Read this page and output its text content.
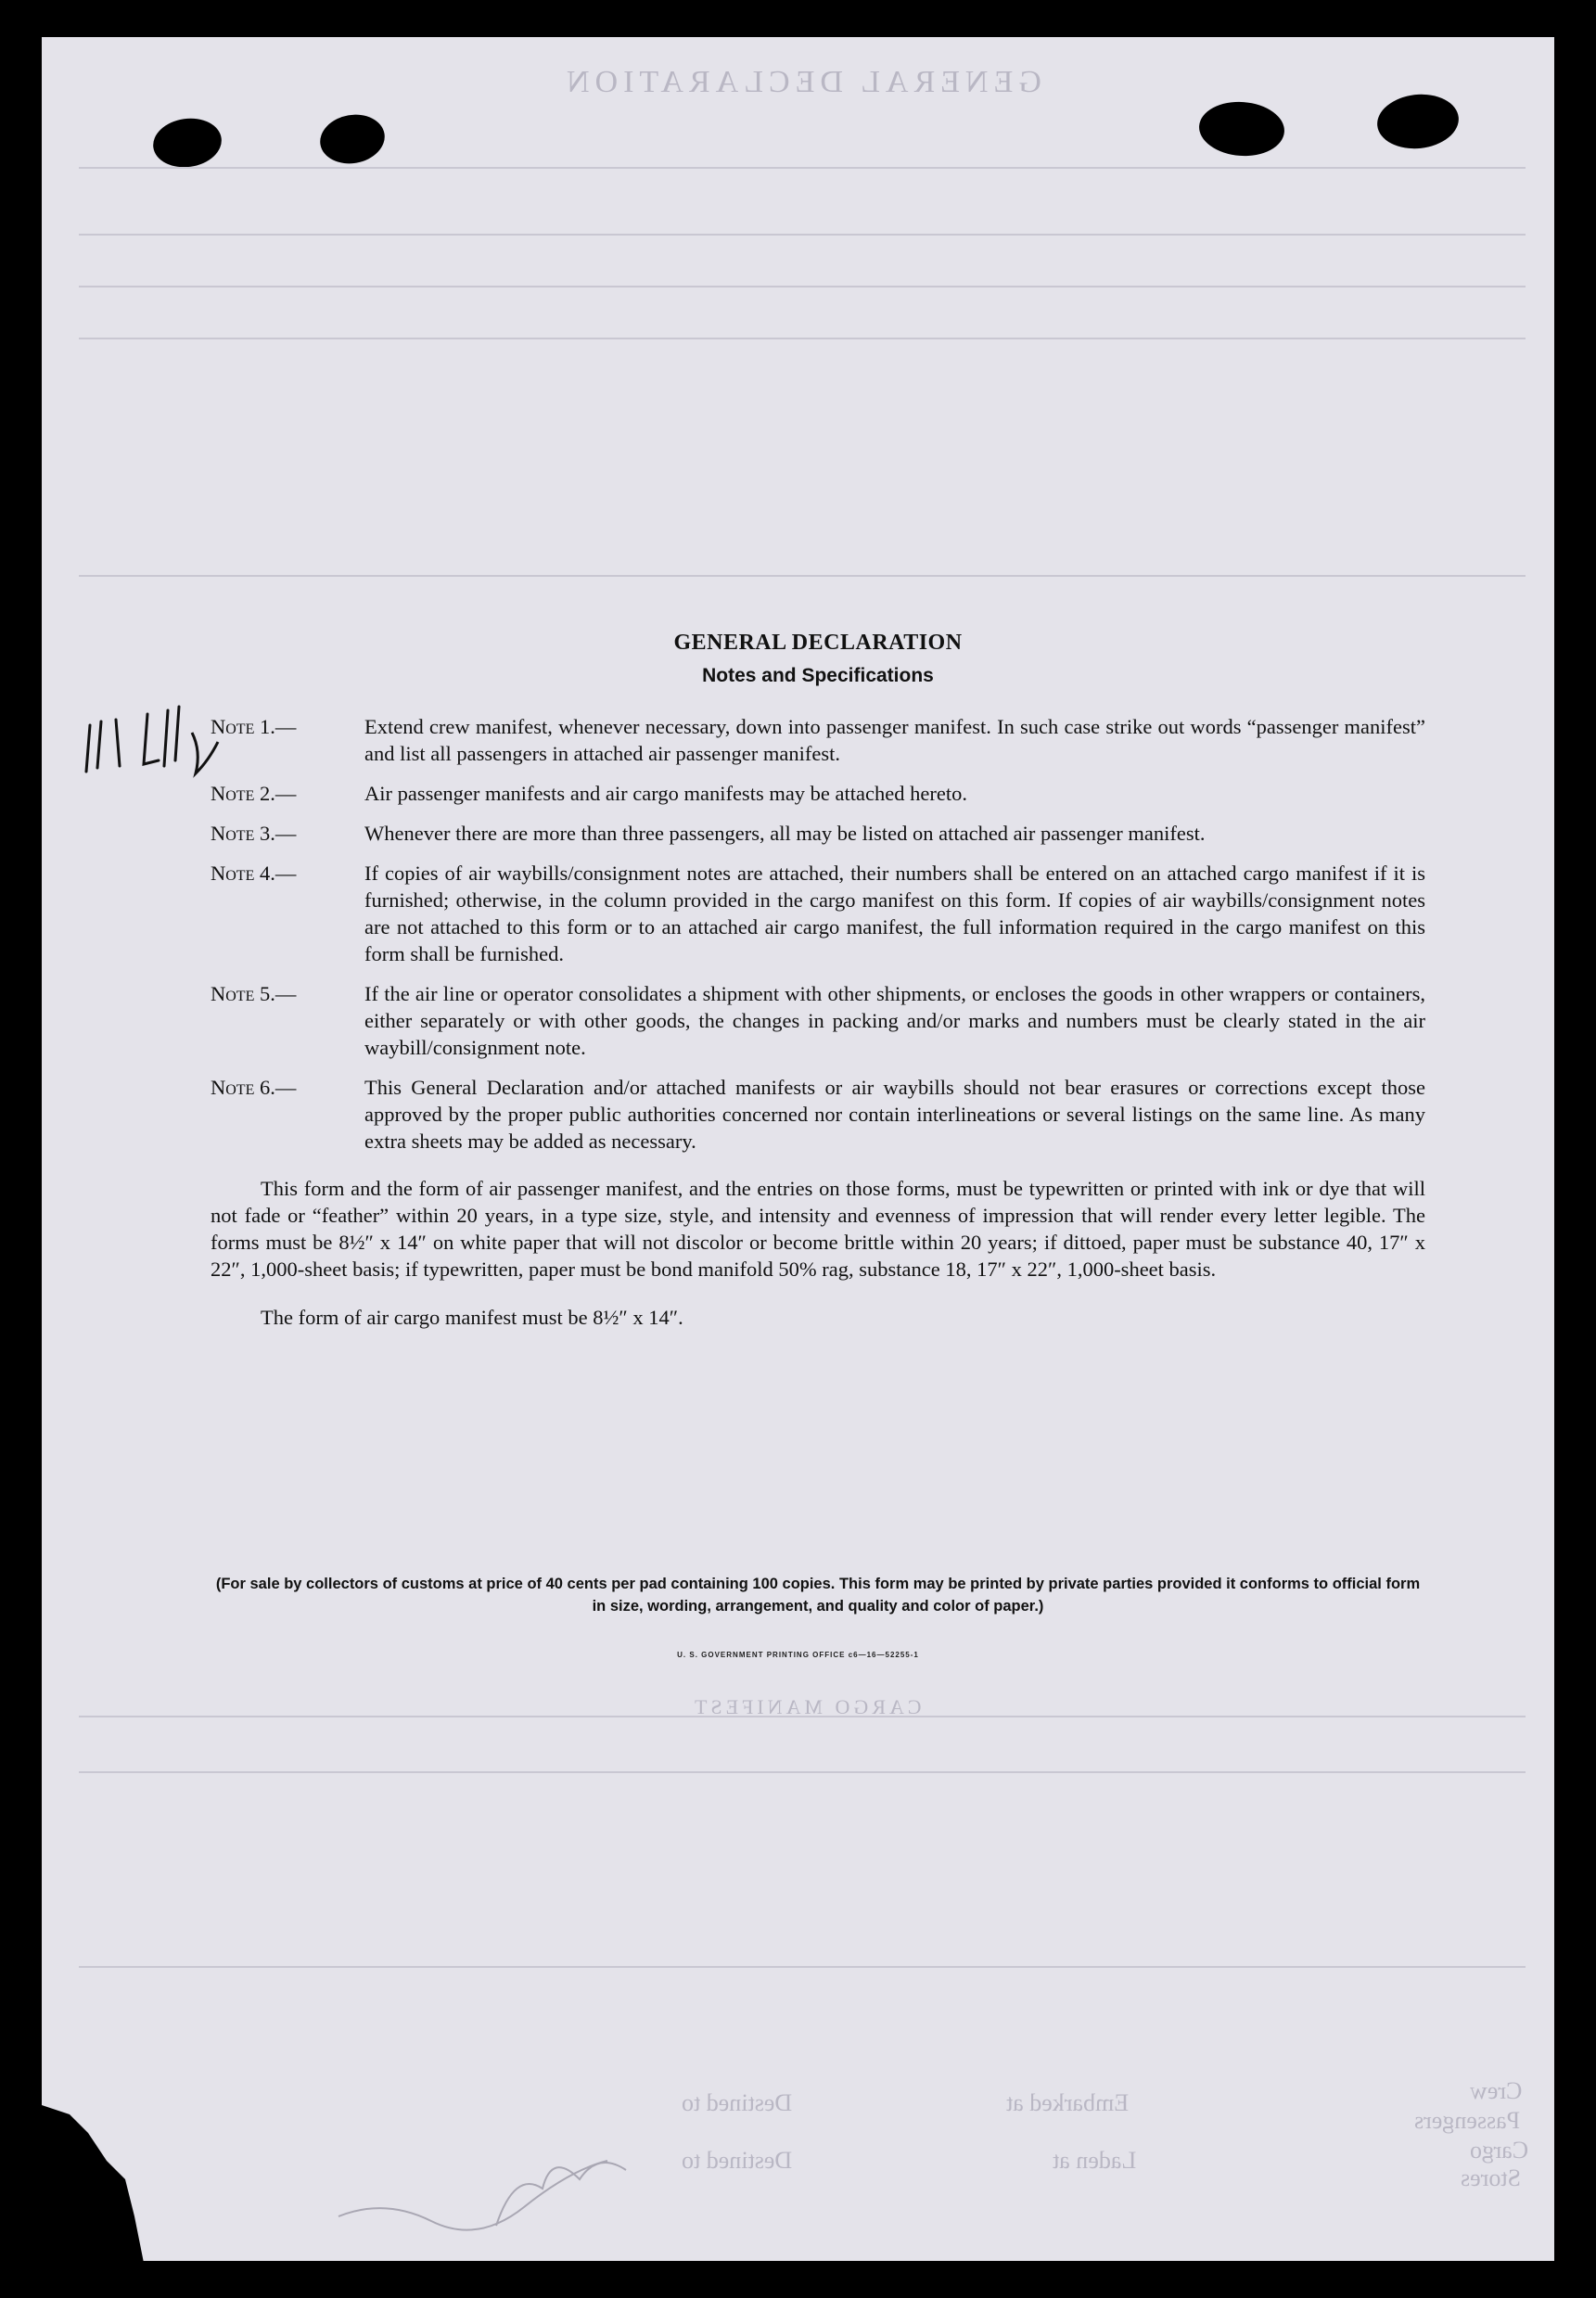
GENERAL DECLARATION
CARGO MANIFEST
Embarked at
Laden at
Destined to
Destined to
Crew
Passengers
Cargo
Stores
GENERAL DECLARATION
Notes and Specifications
Note 1.—	Extend crew manifest, whenever necessary, down into passenger manifest. In such case strike out words “passenger manifest” and list all passengers in attached air passenger manifest.
Note 2.—	Air passenger manifests and air cargo manifests may be attached hereto.
Note 3.—	Whenever there are more than three passengers, all may be listed on attached air passenger manifest.
Note 4.—	If copies of air waybills/consignment notes are attached, their numbers shall be entered on an attached cargo manifest if it is furnished; otherwise, in the column provided in the cargo manifest on this form. If copies of air waybills/consignment notes are not attached to this form or to an attached air cargo manifest, the full information required in the cargo manifest on this form shall be furnished.
Note 5.—	If the air line or operator consolidates a shipment with other shipments, or encloses the goods in other wrappers or containers, either separately or with other goods, the changes in packing and/or marks and numbers must be clearly stated in the air waybill/consignment note.
Note 6.—	This General Declaration and/or attached manifests or air waybills should not bear erasures or corrections except those approved by the proper public authorities concerned nor contain interlineations or several listings on the same line. As many extra sheets may be added as necessary.

This form and the form of air passenger manifest, and the entries on those forms, must be typewritten or printed with ink or dye that will not fade or “feather” within 20 years, in a type size, style, and intensity and evenness of impression that will render every letter legible. The forms must be 8½″ x 14″ on white paper that will not discolor or become brittle within 20 years; if dittoed, paper must be substance 40, 17″ x 22″, 1,000-sheet basis; if typewritten, paper must be bond manifold 50% rag, substance 18, 17″ x 22″, 1,000-sheet basis.

The form of air cargo manifest must be 8½″ x 14″.
(For sale by collectors of customs at price of 40 cents per pad containing 100 copies. This form may be printed by private parties provided it conforms to official form in size, wording, arrangement, and quality and color of paper.)
U. S. GOVERNMENT PRINTING OFFICE c6—16—52255-1
